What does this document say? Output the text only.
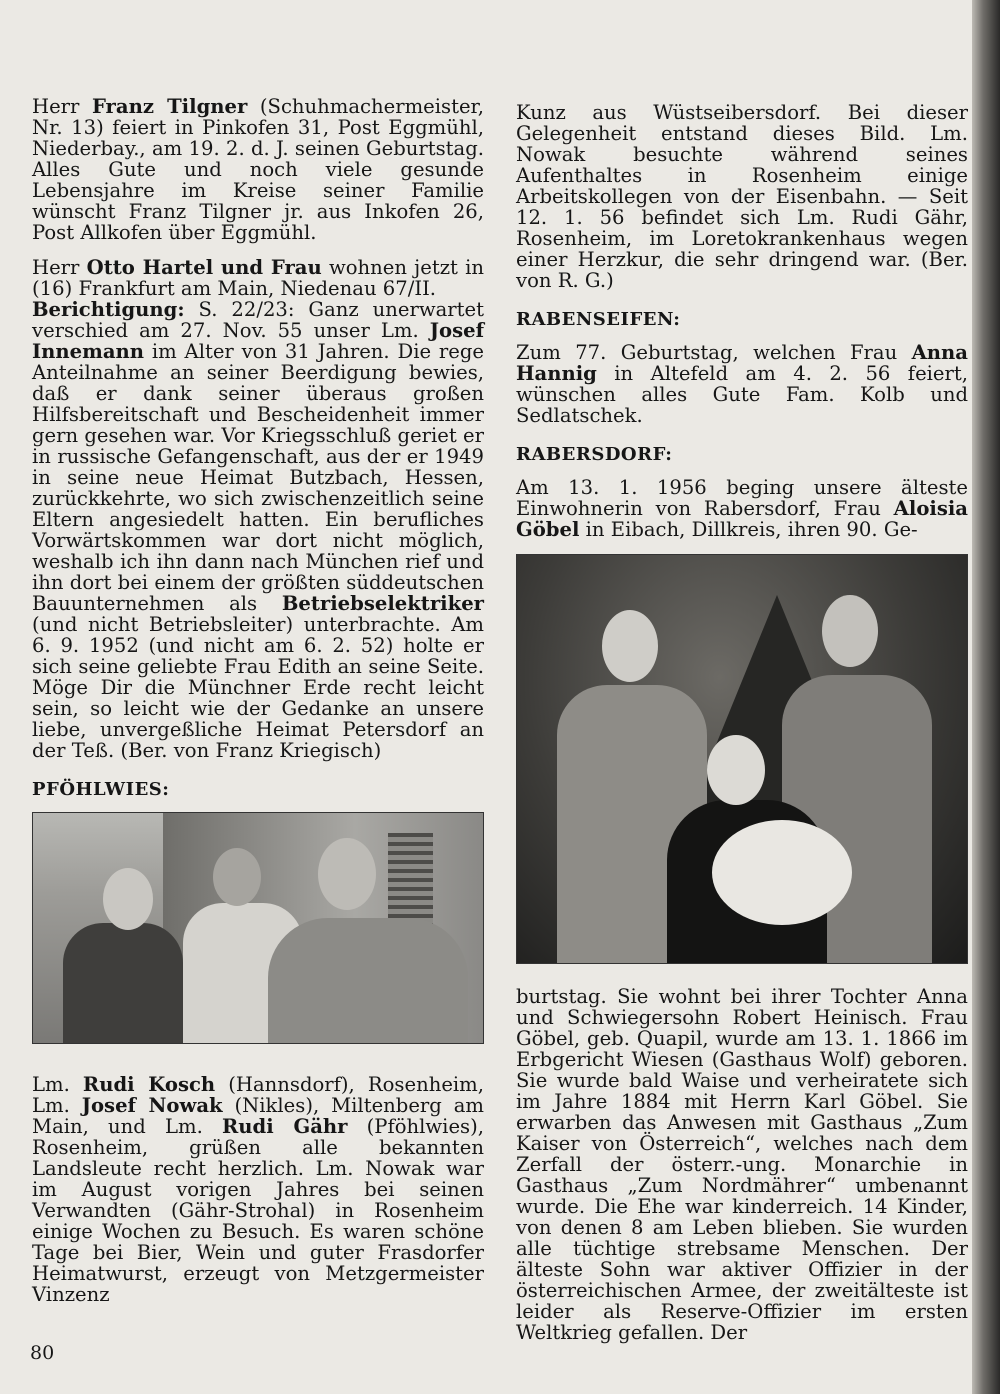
Herr Franz Tilgner (Schuhmachermeister, Nr. 13) feiert in Pinkofen 31, Post Eggmühl, Niederbay., am 19. 2. d. J. seinen Geburtstag. Alles Gute und noch viele gesunde Lebensjahre im Kreise seiner Familie wünscht Franz Tilgner jr. aus Inkofen 26, Post Allkofen über Eggmühl.

Herr Otto Hartel und Frau wohnen jetzt in (16) Frankfurt am Main, Niedenau 67/II.
Berichtigung: S. 22/23: Ganz unerwartet verschied am 27. Nov. 55 unser Lm. Josef Innemann im Alter von 31 Jahren. Die rege Anteilnahme an seiner Beerdigung bewies, daß er dank seiner überaus großen Hilfsbereitschaft und Bescheidenheit immer gern gesehen war. Vor Kriegsschluß geriet er in russische Gefangenschaft, aus der er 1949 in seine neue Heimat Butzbach, Hessen, zurückkehrte, wo sich zwischenzeitlich seine Eltern angesiedelt hatten. Ein berufliches Vorwärtskommen war dort nicht möglich, weshalb ich ihn dann nach München rief und ihn dort bei einem der größten süddeutschen Bauunternehmen als Betriebselektriker (und nicht Betriebsleiter) unterbrachte. Am 6. 9. 1952 (und nicht am 6. 2. 52) holte er sich seine geliebte Frau Edith an seine Seite. Möge Dir die Münchner Erde recht leicht sein, so leicht wie der Gedanke an unsere liebe, unvergeßliche Heimat Petersdorf an der Teß. (Ber. von Franz Kriegisch)

PFÖHLWIES:

Lm. Rudi Kosch (Hannsdorf), Rosenheim, Lm. Josef Nowak (Nikles), Miltenberg am Main, und Lm. Rudi Gähr (Pföhlwies), Rosenheim, grüßen alle bekannten Landsleute recht herzlich. Lm. Nowak war im August vorigen Jahres bei seinen Verwandten (Gähr-Strohal) in Rosenheim einige Wochen zu Besuch. Es waren schöne Tage bei Bier, Wein und guter Frasdorfer Heimatwurst, erzeugt von Metzgermeister Vinzenz

Kunz aus Wüstseibersdorf. Bei dieser Gelegenheit entstand dieses Bild. Lm. Nowak besuchte während seines Aufenthaltes in Rosenheim einige Arbeitskollegen von der Eisenbahn. — Seit 12. 1. 56 befindet sich Lm. Rudi Gähr, Rosenheim, im Loretokrankenhaus wegen einer Herzkur, die sehr dringend war. (Ber. von R. G.)

RABENSEIFEN:

Zum 77. Geburtstag, welchen Frau Anna Hannig in Altefeld am 4. 2. 56 feiert, wünschen alles Gute Fam. Kolb und Sedlatschek.

RABERSDORF:

Am 13. 1. 1956 beging unsere älteste Einwohnerin von Rabersdorf, Frau Aloisia Göbel in Eibach, Dillkreis, ihren 90. Ge-

burtstag. Sie wohnt bei ihrer Tochter Anna und Schwiegersohn Robert Heinisch. Frau Göbel, geb. Quapil, wurde am 13. 1. 1866 im Erbgericht Wiesen (Gasthaus Wolf) geboren. Sie wurde bald Waise und verheiratete sich im Jahre 1884 mit Herrn Karl Göbel. Sie erwarben das Anwesen mit Gasthaus „Zum Kaiser von Österreich“, welches nach dem Zerfall der österr.-ung. Monarchie in Gasthaus „Zum Nordmährer“ umbenannt wurde. Die Ehe war kinderreich. 14 Kinder, von denen 8 am Leben blieben. Sie wurden alle tüchtige strebsame Menschen. Der älteste Sohn war aktiver Offizier in der österreichischen Armee, der zweitälteste ist leider als Reserve-Offizier im ersten Weltkrieg gefallen. Der

80
